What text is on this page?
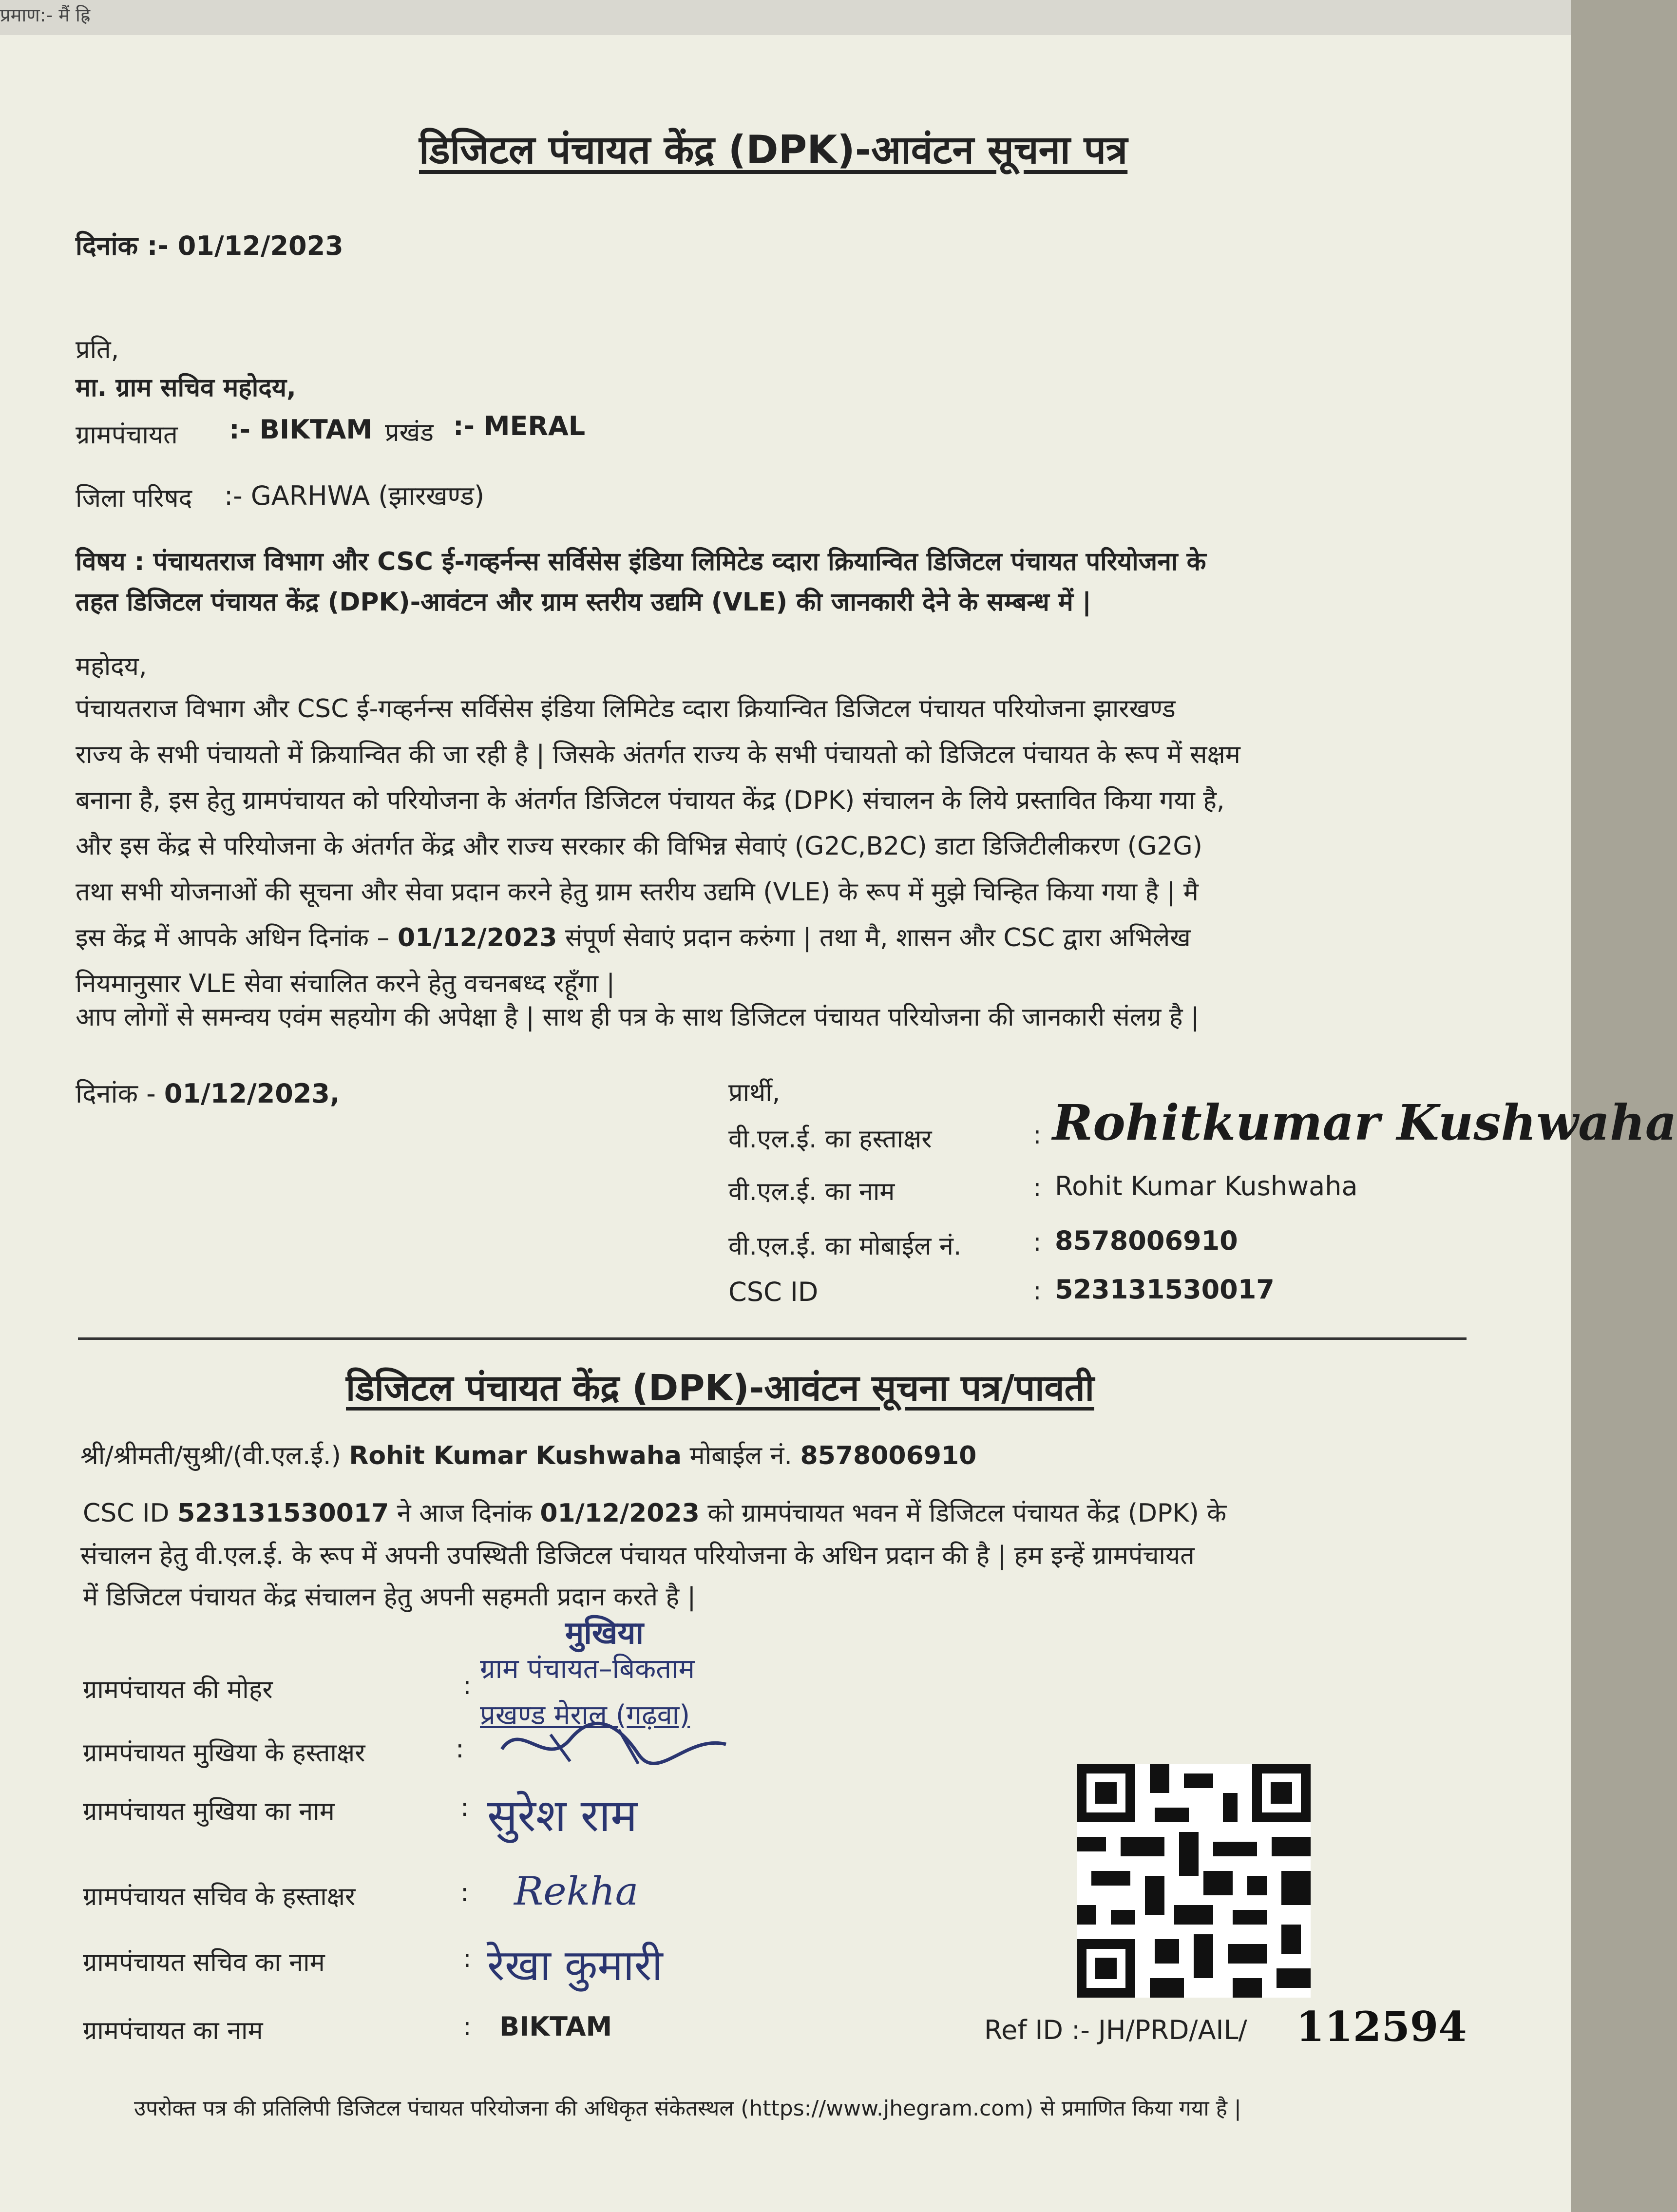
प्रमाण:- मैं ह्रि
डिजिटल पंचायत केंद्र (DPK)-आवंटन सूचना पत्र
दिनांक :- 01/12/2023
प्रति,
मा. ग्राम सचिव महोदय,
ग्रामपंचायत :- BIKTAM प्रखंड :- MERAL
जिला परिषद :- GARHWA (झारखण्ड)
विषय : पंचायतराज विभाग और CSC ई-गव्हर्नन्स सर्विसेस इंडिया लिमिटेड व्दारा क्रियान्वित डिजिटल पंचायत परियोजना के
तहत डिजिटल पंचायत केंद्र (DPK)-आवंटन और ग्राम स्तरीय उद्यमि (VLE) की जानकारी देने के सम्बन्ध में |
महोदय,
पंचायतराज विभाग और CSC ई-गव्हर्नन्स सर्विसेस इंडिया लिमिटेड व्दारा क्रियान्वित डिजिटल पंचायत परियोजना झारखण्ड
राज्य के सभी पंचायतो में क्रियान्वित की जा रही है | जिसके अंतर्गत राज्य के सभी पंचायतो को डिजिटल पंचायत के रूप में सक्षम
बनाना है, इस हेतु ग्रामपंचायत को परियोजना के अंतर्गत डिजिटल पंचायत केंद्र (DPK) संचालन के लिये प्रस्तावित किया गया है,
और इस केंद्र से परियोजना के अंतर्गत केंद्र और राज्य सरकार की विभिन्न सेवाएं (G2C,B2C) डाटा डिजिटीलीकरण (G2G)
तथा सभी योजनाओं की सूचना और सेवा प्रदान करने हेतु ग्राम स्तरीय उद्यमि (VLE) के रूप में मुझे चिन्हित किया गया है | मै
इस केंद्र में आपके अधिन दिनांक – 01/12/2023 संपूर्ण सेवाएं प्रदान करुंगा | तथा मै, शासन और CSC द्वारा अभिलेख
नियमानुसार VLE सेवा संचालित करने हेतु वचनबध्द रहूँगा |
आप लोगों से समन्वय एवंम सहयोग की अपेक्षा है | साथ ही पत्र के साथ डिजिटल पंचायत परियोजना की जानकारी संलग्र है |
दिनांक - 01/12/2023,	प्रार्थी,
वी.एल.ई. का हस्ताक्षर	: Rohitkumar Kushwaha
वी.एल.ई. का नाम	: Rohit Kumar Kushwaha
वी.एल.ई. का मोबाईल नं.	: 8578006910
CSC ID	: 523131530017
डिजिटल पंचायत केंद्र (DPK)-आवंटन सूचना पत्र/पावती
श्री/श्रीमती/सुश्री/(वी.एल.ई.) Rohit Kumar Kushwaha मोबाईल नं. 8578006910
CSC ID 523131530017 ने आज दिनांक 01/12/2023 को ग्रामपंचायत भवन में डिजिटल पंचायत केंद्र (DPK) के
संचालन हेतु वी.एल.ई. के रूप में अपनी उपस्थिती डिजिटल पंचायत परियोजना के अधिन प्रदान की है | हम इन्हें ग्रामपंचायत
में डिजिटल पंचायत केंद्र संचालन हेतु अपनी सहमती प्रदान करते है |
मुखिया
ग्राम पंचायत–बिकताम
प्रखण्ड मेराल (गढ़वा)
ग्रामपंचायत की मोहर	:
ग्रामपंचायत मुखिया के हस्ताक्षर	:
ग्रामपंचायत मुखिया का नाम	: सुरेश राम
ग्रामपंचायत सचिव के हस्ताक्षर	: Rekha
ग्रामपंचायत सचिव का नाम	: रेखा कुमारी
ग्रामपंचायत का नाम	: BIKTAM	Ref ID :- JH/PRD/AIL/ 112594
उपरोक्त पत्र की प्रतिलिपी डिजिटल पंचायत परियोजना की अधिकृत संकेतस्थल (https://www.jhegram.com) से प्रमाणित किया गया है |
